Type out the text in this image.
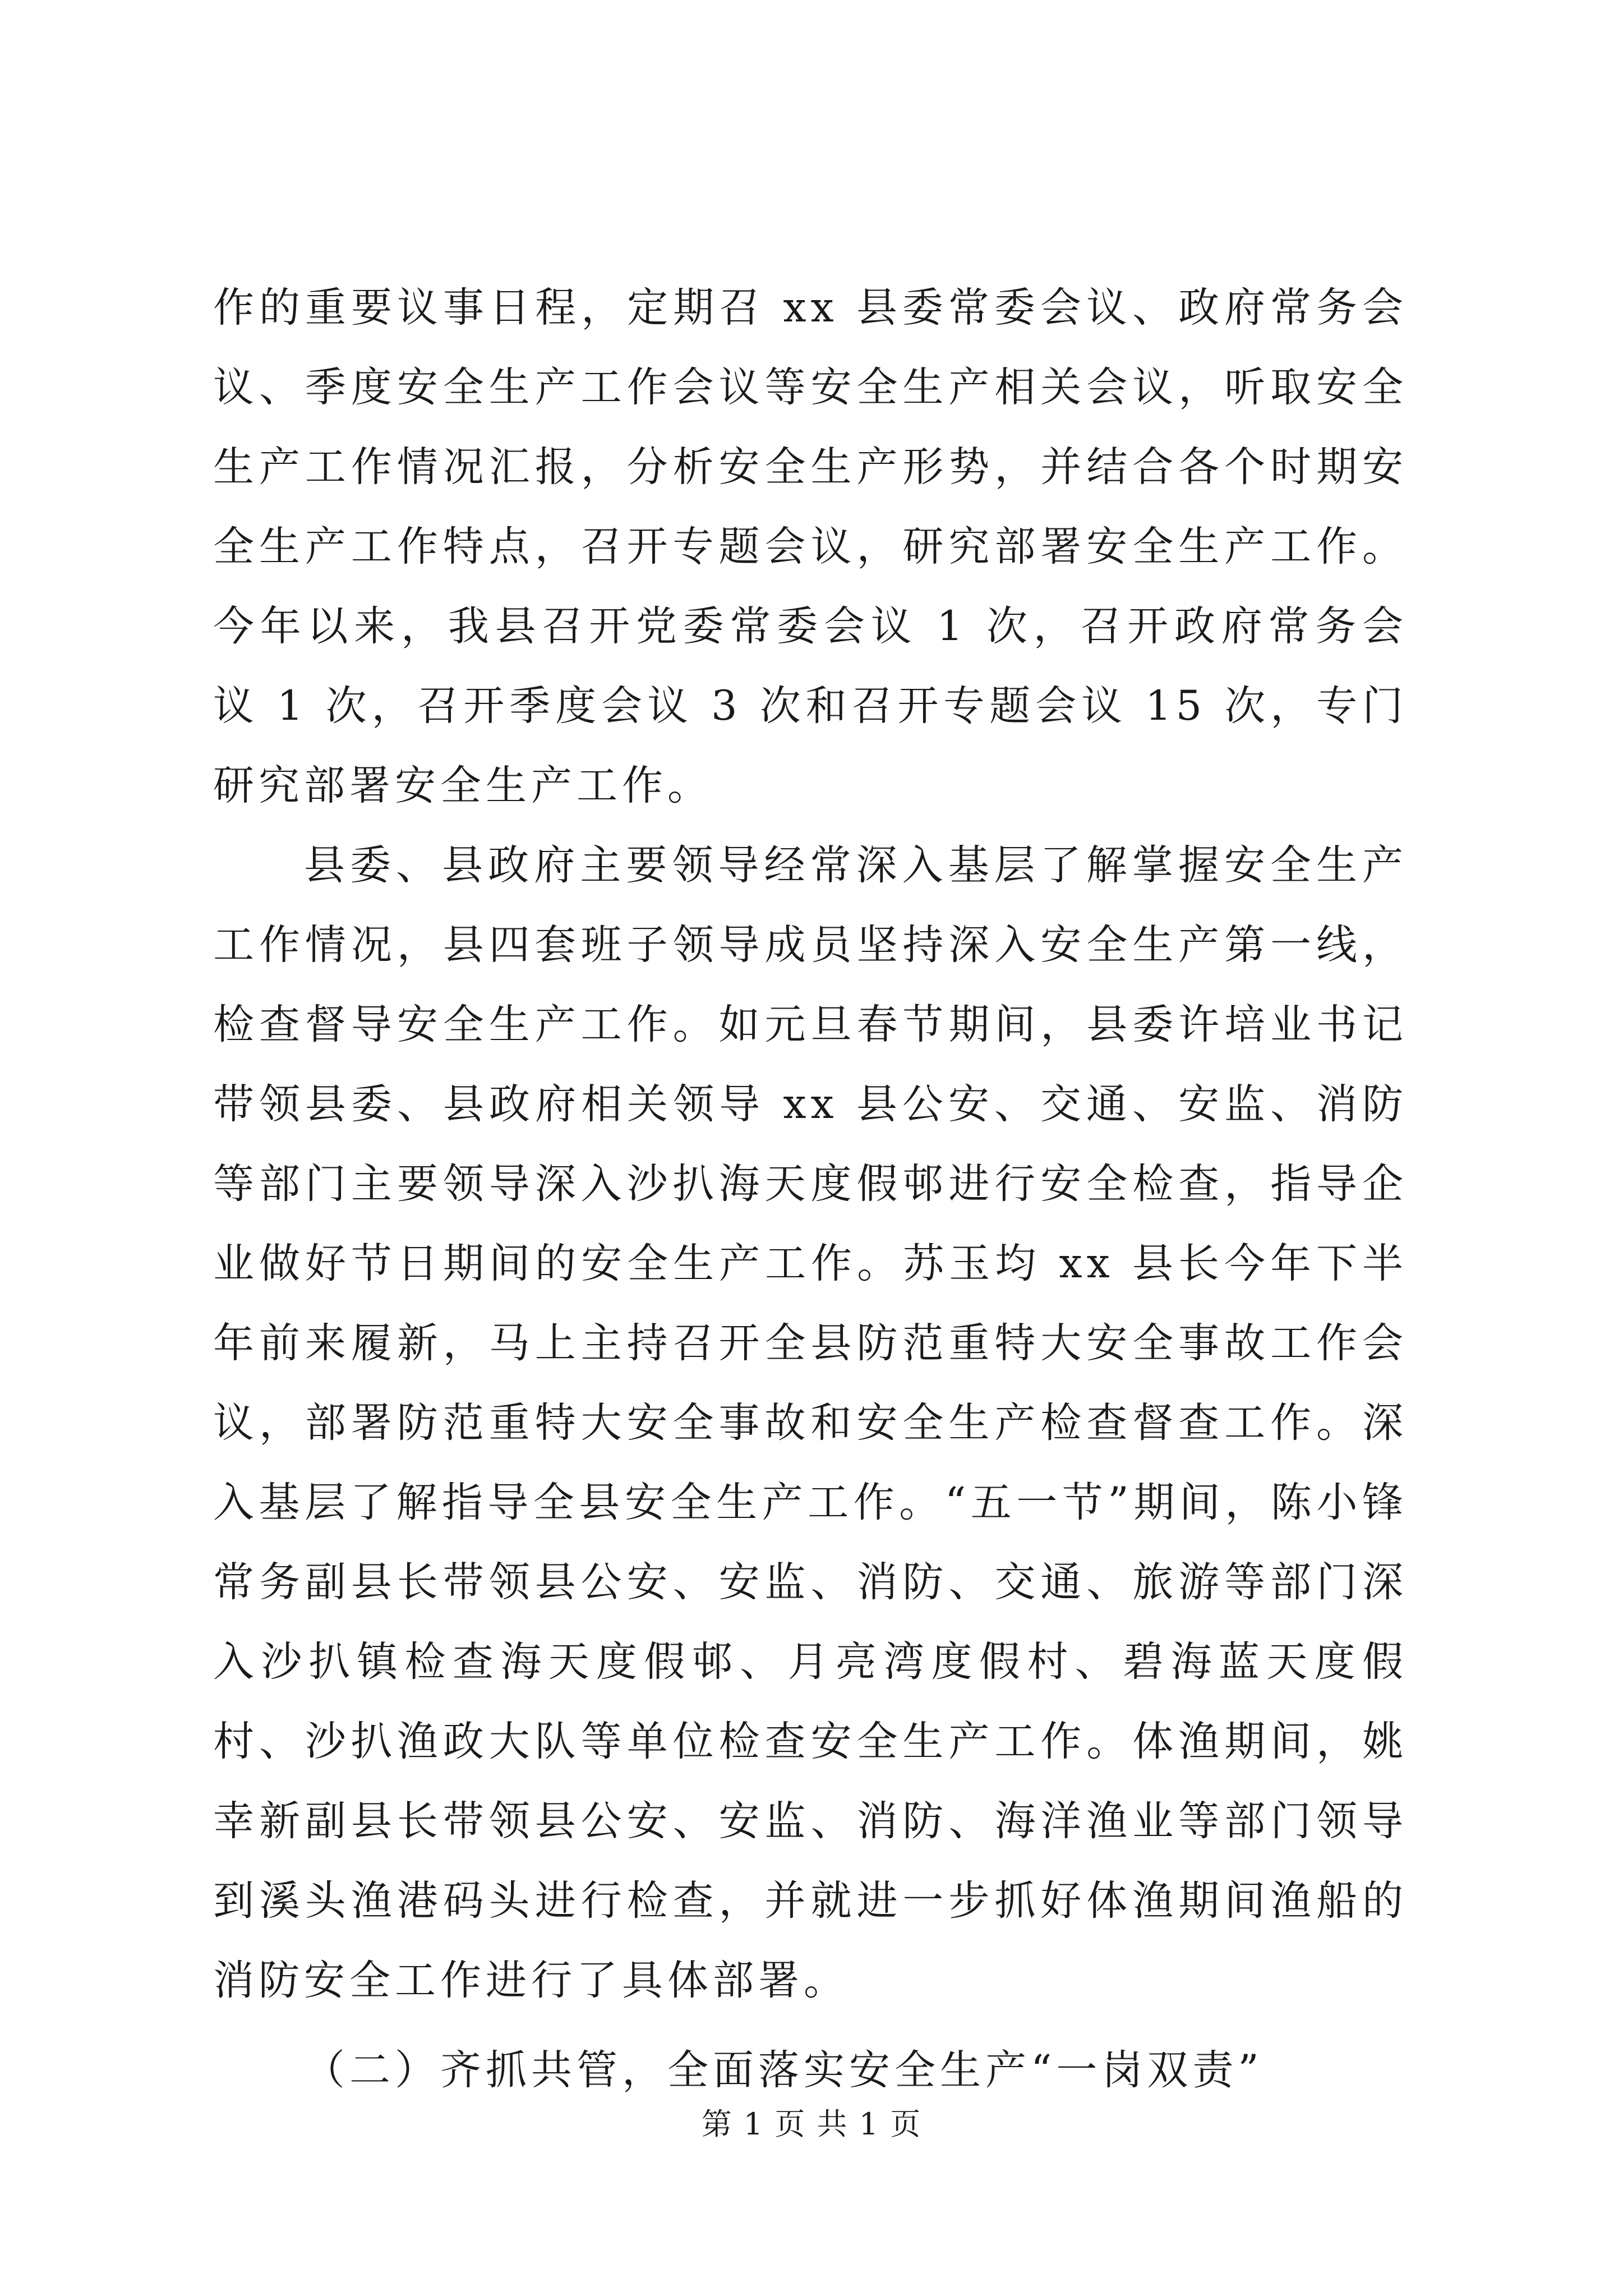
作的重要议事日程，定期召 xx 县委常委会议、政府常务会议、季度安全生产工作会议等安全生产相关会议，听取安全生产工作情况汇报，分析安全生产形势，并结合各个时期安全生产工作特点，召开专题会议，研究部署安全生产工作。今年以来，我县召开党委常委会议 1 次，召开政府常务会议 1 次，召开季度会议 3 次和召开专题会议 15 次，专门研究部署安全生产工作。

县委、县政府主要领导经常深入基层了解掌握安全生产工作情况，县四套班子领导成员坚持深入安全生产第一线，检查督导安全生产工作。如元旦春节期间，县委许培业书记带领县委、县政府相关领导 xx 县公安、交通、安监、消防等部门主要领导深入沙扒海天度假邨进行安全检查，指导企业做好节日期间的安全生产工作。苏玉均 xx 县长今年下半年前来履新，马上主持召开全县防范重特大安全事故工作会议，部署防范重特大安全事故和安全生产检查督查工作。深入基层了解指导全县安全生产工作。“五一节”期间，陈小锋常务副县长带领县公安、安监、消防、交通、旅游等部门深入沙扒镇检查海天度假邨、月亮湾度假村、碧海蓝天度假村、沙扒渔政大队等单位检查安全生产工作。体渔期间，姚幸新副县长带领县公安、安监、消防、海洋渔业等部门领导到溪头渔港码头进行检查，并就进一步抓好体渔期间渔船的消防安全工作进行了具体部署。

（二）齐抓共管，全面落实安全生产“一岗双责”

第 1 页 共 1 页
